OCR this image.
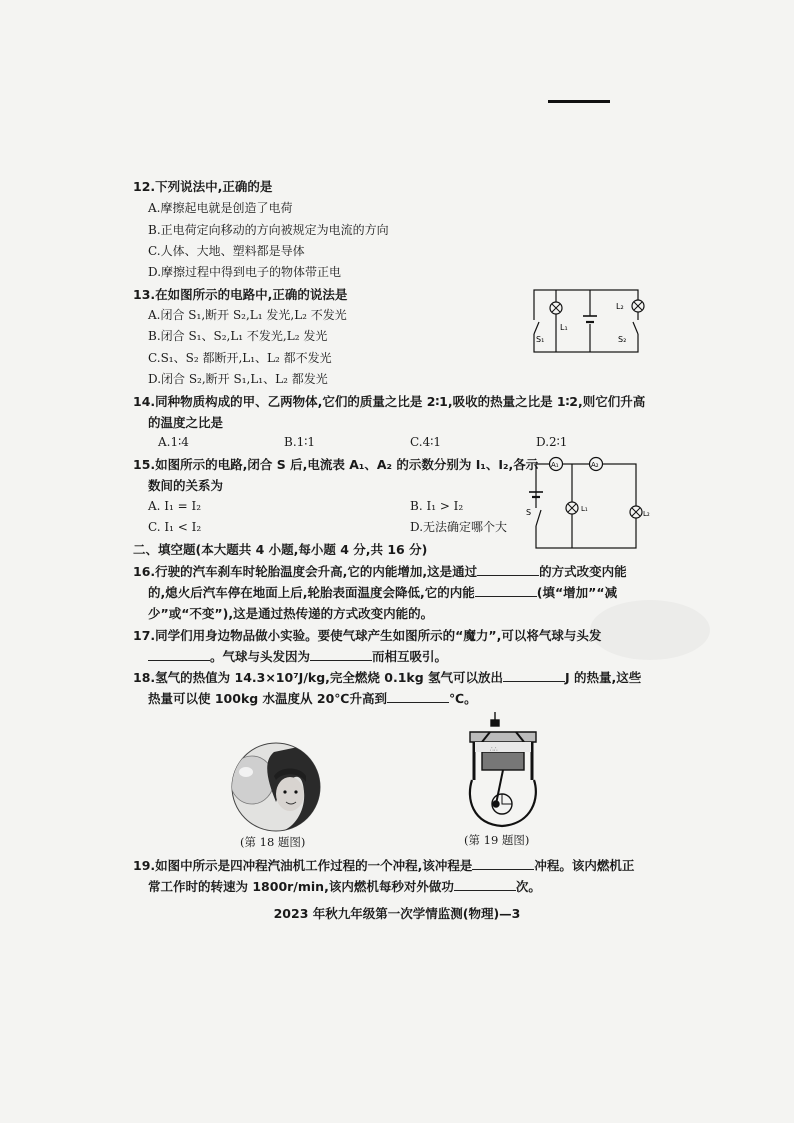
12.下列说法中,正确的是
A.摩擦起电就是创造了电荷
B.正电荷定向移动的方向被规定为电流的方向
C.人体、大地、塑料都是导体
D.摩擦过程中得到电子的物体带正电
13.在如图所示的电路中,正确的说法是
A.闭合 S₁,断开 S₂,L₁ 发光,L₂ 不发光
B.闭合 S₁、S₂,L₁ 不发光,L₂ 发光
C.S₁、S₂ 都断开,L₁、L₂ 都不发光
D.闭合 S₂,断开 S₁,L₁、L₂ 都发光
L₁
L₂
S₁	S₂
14.同种物质构成的甲、乙两物体,它们的质量之比是 2∶1,吸收的热量之比是 1∶2,则它们升高
的温度之比是
A.1∶4	B.1∶1	C.4∶1	D.2∶1
15.如图所示的电路,闭合 S 后,电流表 A₁、A₂ 的示数分别为 I₁、I₂,各示
数间的关系为
A. I₁ = I₂	B. I₁ > I₂
C. I₁ < I₂	D.无法确定哪个大
A₁	A₂
S	L₁
L₂
二、填空题(本大题共 4 小题,每小题 4 分,共 16 分)
16.行驶的汽车刹车时轮胎温度会升高,它的内能增加,这是通过	的方式改变内能
的,熄火后汽车停在地面上后,轮胎表面温度会降低,它的内能	(填“增加”“减
少”或“不变”),这是通过热传递的方式改变内能的。
17.同学们用身边物品做小实验。要使气球产生如图所示的“魔力”,可以将气球与头发
。气球与头发因为	而相互吸引。
18.氢气的热值为 14.3×10⁷J/kg,完全燃烧 0.1kg 氢气可以放出	J 的热量,这些
热量可以使 100kg 水温度从 20℃升高到	℃。
(第 18 题图)
∴∴
(第 19 题图)
19.如图中所示是四冲程汽油机工作过程的一个冲程,该冲程是	冲程。该内燃机正
常工作时的转速为 1800r/min,该内燃机每秒对外做功	次。
2023 年秋九年级第一次学情监测(物理)—3
